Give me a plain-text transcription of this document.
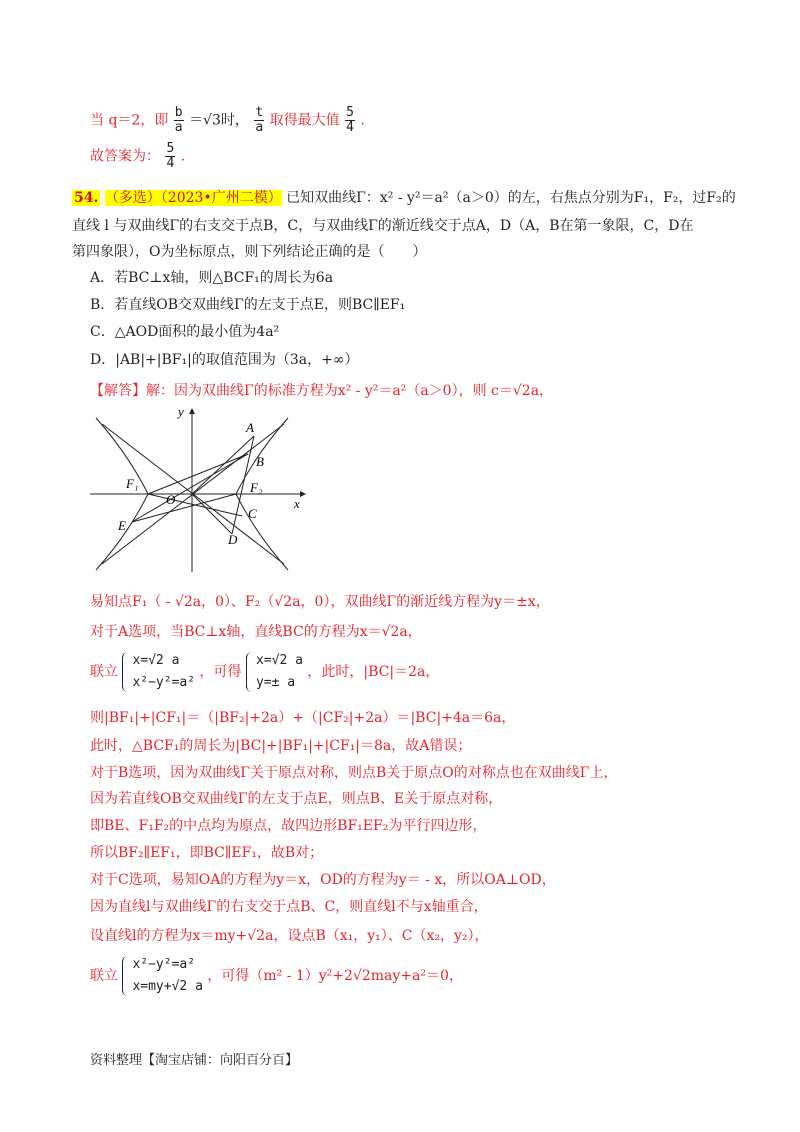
当 q＝2，即 $\frac{b}{a} =√3$时， $\frac{t}{a}$ 取得最大值 $\frac{5}{4}$ .
故答案为： $\frac{5}{4}$ .
54. （多选）（2023•广州二模） 已知双曲线Γ：x² - y²＝a²（a＞0）的左，右焦点分别为F₁，F₂，过F₂的
直线 l 与双曲线Γ的右支交于点B，C，与双曲线Γ的渐近线交于点A，D（A，B在第一象限，C，D在
第四象限），O为坐标原点，则下列结论正确的是（　　）
A．若BC⊥x轴，则△BCF₁的周长为6a
B．若直线OB交双曲线Γ的左支于点E，则BC∥EF₁
C．△AOD面积的最小值为4a²
D．|AB|+|BF₁|的取值范围为（3a，+∞）
【解答】解：因为双曲线Γ的标准方程为x² - y²＝a²（a＞0），则 c＝√2a，
y
x
O
A
B
C
D
E
F₁	F₂
易知点F₁（ - √2a，0）、F₂（√2a，0），双曲线Γ的渐近线方程为y＝±x，
对于A选项，当BC⊥x轴，直线BC的方程为x＝√2a，
联立
x=√2 a
x²−y²=a²
，可得
x=√2 a
y=± a
，此时，|BC|＝2a，
则|BF₁|+|CF₁|＝（|BF₂|+2a）+（|CF₂|+2a）＝|BC|+4a＝6a，
此时，△BCF₁的周长为|BC|+|BF₁|+|CF₁|＝8a，故A错误；
对于B选项，因为双曲线Γ关于原点对称，则点B关于原点O的对称点也在双曲线Γ上，
因为若直线OB交双曲线Γ的左支于点E，则点B、E关于原点对称，
即BE、F₁F₂的中点均为原点，故四边形BF₁EF₂为平行四边形，
所以BF₂∥EF₁，即BC∥EF₁，故B对；
对于C选项，易知OA的方程为y＝x，OD的方程为y＝ - x，所以OA⊥OD，
因为直线l与双曲线Γ的右支交于点B、C，则直线l不与x轴重合，
设直线l的方程为x＝my+√2a，设点B（x₁，y₁）、C（x₂，y₂），
联立
x²−y²=a²
x=my+√2 a
，可得（m² - 1）y²+2√2may+a²＝0，
资料整理【淘宝店铺：向阳百分百】
